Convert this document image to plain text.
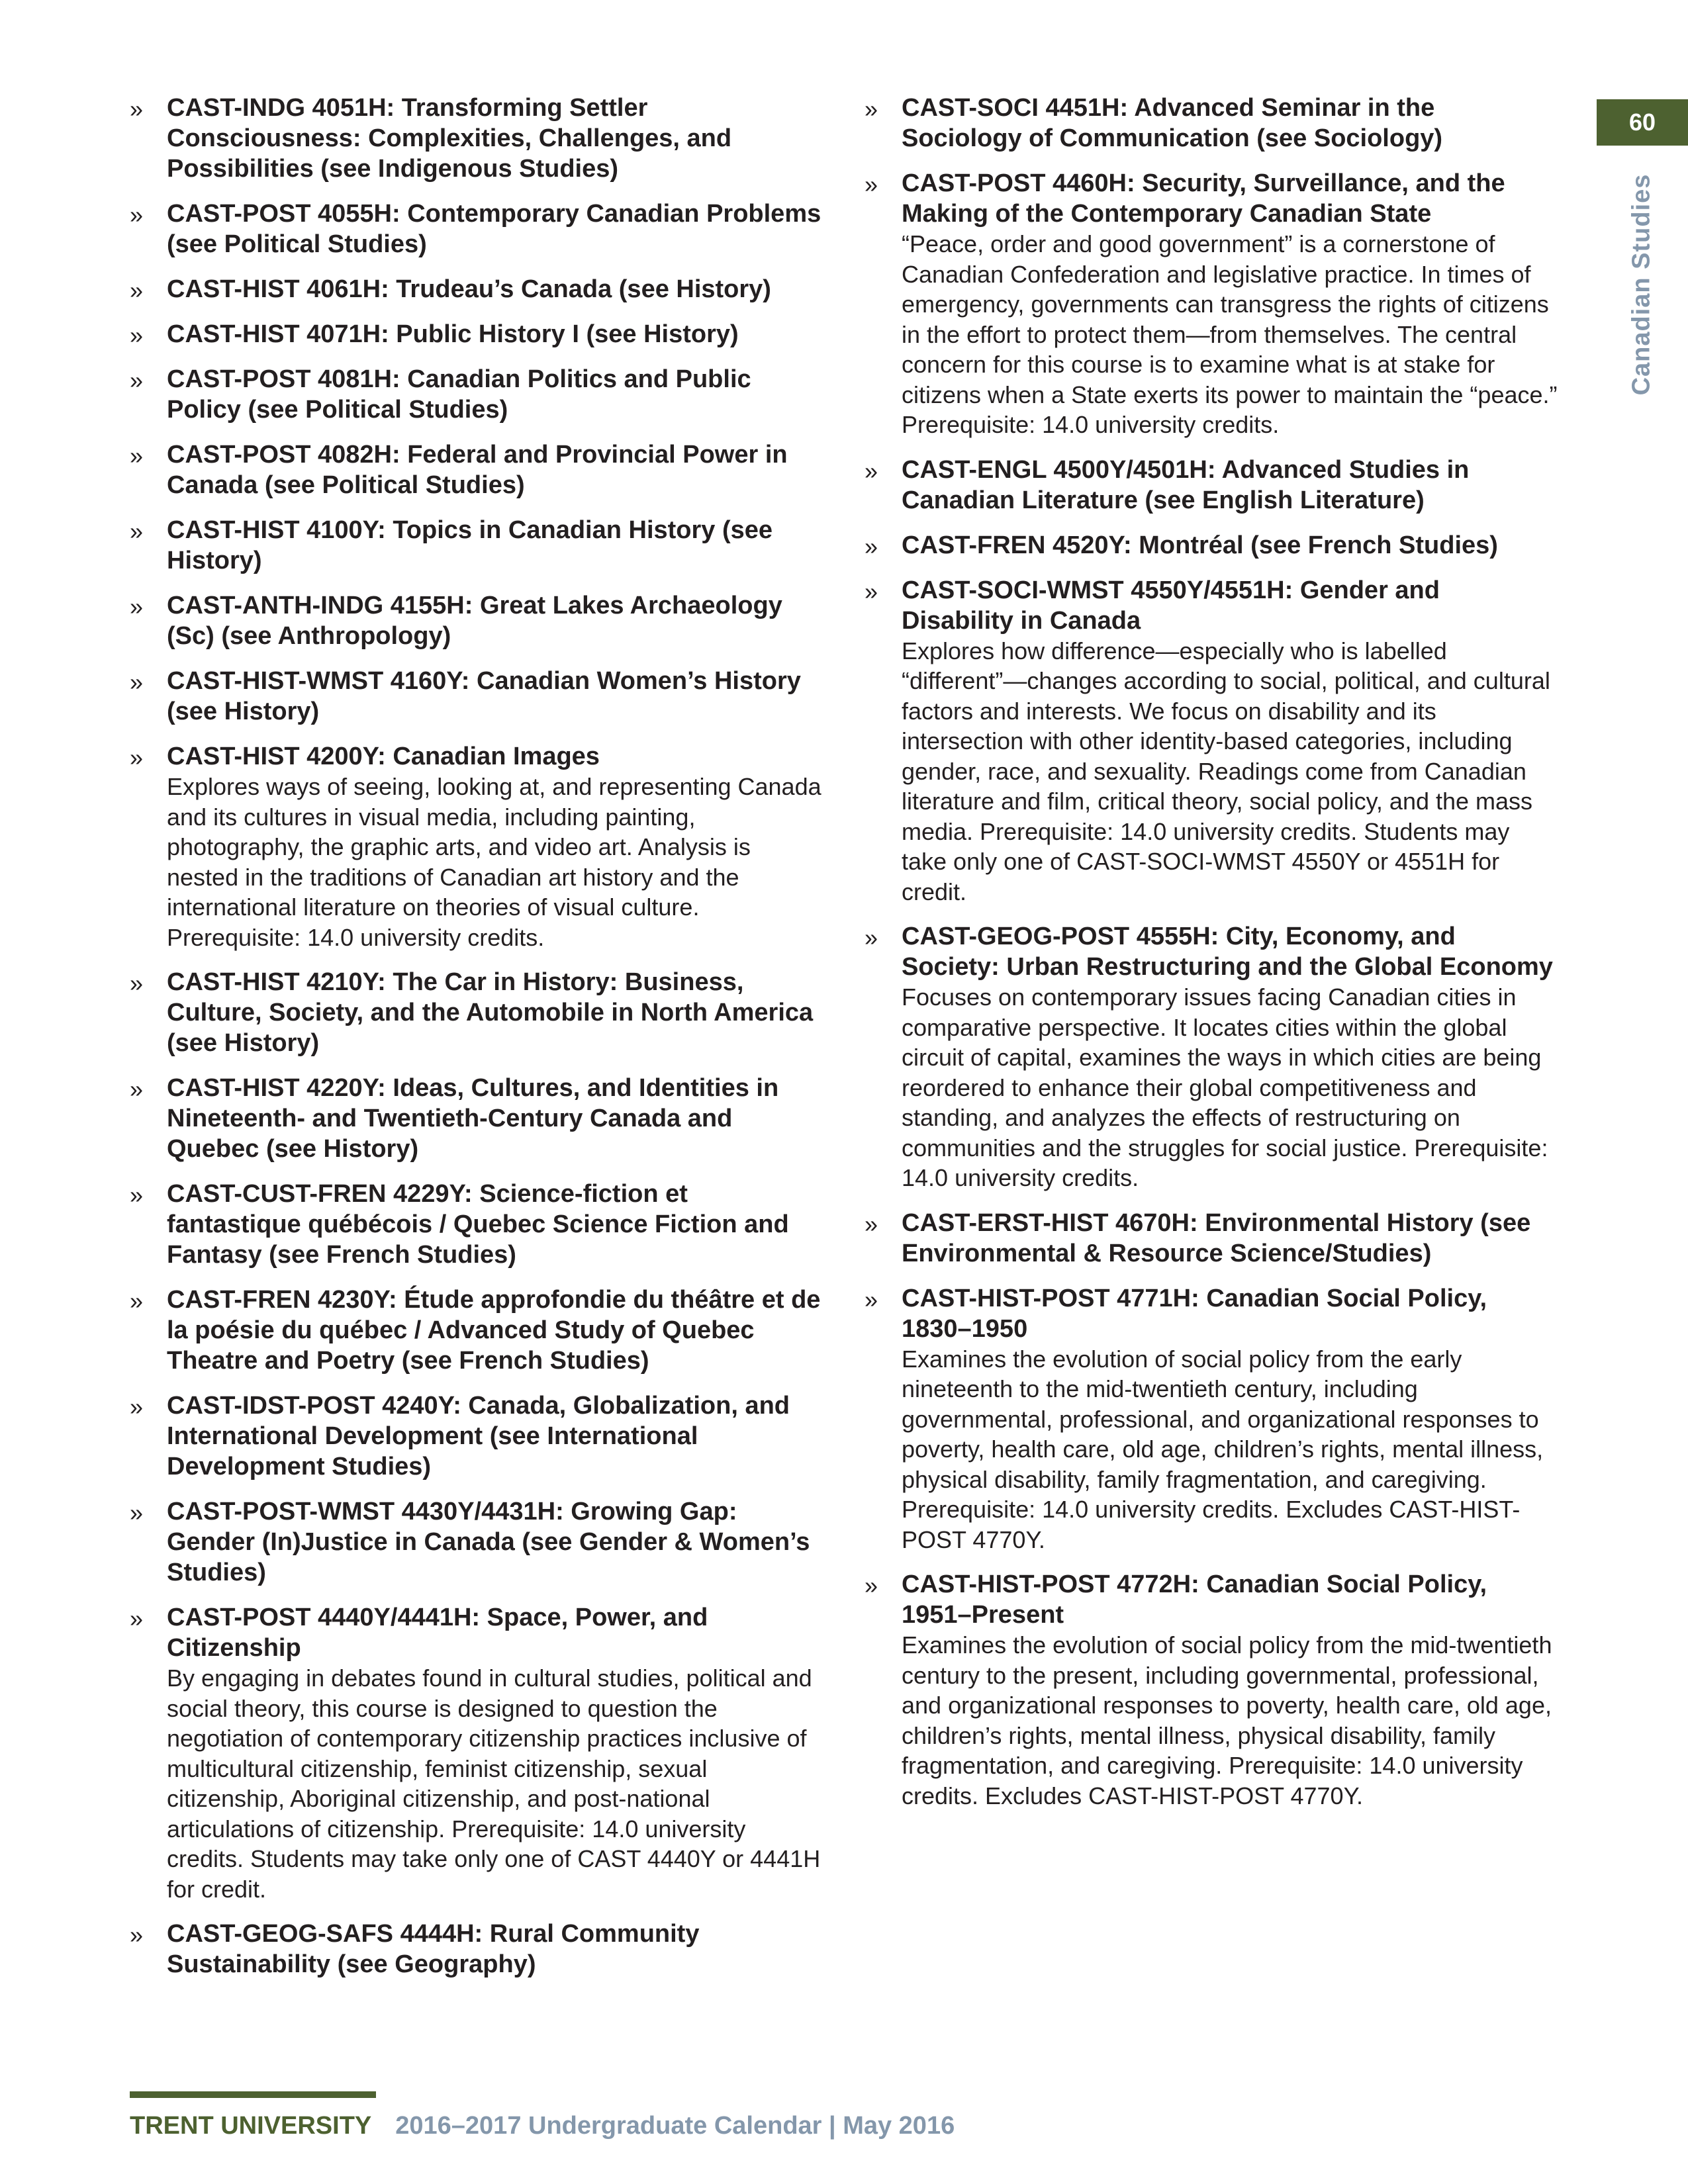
» CAST-INDG 4051H: Transforming Settler Consciousness: Complexities, Challenges, and Possibilities (see Indigenous Studies)
» CAST-POST 4055H: Contemporary Canadian Problems (see Political Studies)
» CAST-HIST 4061H: Trudeau’s Canada (see History)
» CAST-HIST 4071H: Public History I (see History)
» CAST-POST 4081H: Canadian Politics and Public Policy (see Political Studies)
» CAST-POST 4082H: Federal and Provincial Power in Canada (see Political Studies)
» CAST-HIST 4100Y: Topics in Canadian History (see History)
» CAST-ANTH-INDG 4155H: Great Lakes Archaeology (Sc) (see Anthropology)
» CAST-HIST-WMST 4160Y: Canadian Women’s History (see History)
» CAST-HIST 4200Y: Canadian Images
Explores ways of seeing, looking at, and representing Canada and its cultures in visual media, including painting, photography, the graphic arts, and video art. Analysis is nested in the traditions of Canadian art history and the international literature on theories of visual culture. Prerequisite: 14.0 university credits.
» CAST-HIST 4210Y: The Car in History: Business, Culture, Society, and the Automobile in North America (see History)
» CAST-HIST 4220Y: Ideas, Cultures, and Identities in Nineteenth- and Twentieth-Century Canada and Quebec (see History)
» CAST-CUST-FREN 4229Y: Science-fiction et fantastique québécois / Quebec Science Fiction and Fantasy (see French Studies)
» CAST-FREN 4230Y: Étude approfondie du théâtre et de la poésie du québec / Advanced Study of Quebec Theatre and Poetry (see French Studies)
» CAST-IDST-POST 4240Y: Canada, Globalization, and International Development (see International Development Studies)
» CAST-POST-WMST 4430Y/4431H: Growing Gap: Gender (In)Justice in Canada (see Gender & Women’s Studies)
» CAST-POST 4440Y/4441H: Space, Power, and Citizenship
By engaging in debates found in cultural studies, political and social theory, this course is designed to question the negotiation of contemporary citizenship practices inclusive of multicultural citizenship, feminist citizenship, sexual citizenship, Aboriginal citizenship, and post-national articulations of citizenship. Prerequisite: 14.0 university credits. Students may take only one of CAST 4440Y or 4441H for credit.
» CAST-GEOG-SAFS 4444H: Rural Community Sustainability (see Geography)
» CAST-SOCI 4451H: Advanced Seminar in the Sociology of Communication (see Sociology)
» CAST-POST 4460H: Security, Surveillance, and the Making of the Contemporary Canadian State
“Peace, order and good government” is a cornerstone of Canadian Confederation and legislative practice. In times of emergency, governments can transgress the rights of citizens in the effort to protect them—from themselves. The central concern for this course is to examine what is at stake for citizens when a State exerts its power to maintain the “peace.” Prerequisite: 14.0 university credits.
» CAST-ENGL 4500Y/4501H: Advanced Studies in Canadian Literature (see English Literature)
» CAST-FREN 4520Y: Montréal (see French Studies)
» CAST-SOCI-WMST 4550Y/4551H: Gender and Disability in Canada
Explores how difference—especially who is labelled “different”—changes according to social, political, and cultural factors and interests. We focus on disability and its intersection with other identity-based categories, including gender, race, and sexuality. Readings come from Canadian literature and film, critical theory, social policy, and the mass media. Prerequisite: 14.0 university credits. Students may take only one of CAST-SOCI-WMST 4550Y or 4551H for credit.
» CAST-GEOG-POST 4555H: City, Economy, and Society: Urban Restructuring and the Global Economy
Focuses on contemporary issues facing Canadian cities in comparative perspective. It locates cities within the global circuit of capital, examines the ways in which cities are being reordered to enhance their global competitiveness and standing, and analyzes the effects of restructuring on communities and the struggles for social justice. Prerequisite: 14.0 university credits.
» CAST-ERST-HIST 4670H: Environmental History (see Environmental & Resource Science/Studies)
» CAST-HIST-POST 4771H: Canadian Social Policy, 1830–1950
Examines the evolution of social policy from the early nineteenth to the mid-twentieth century, including governmental, professional, and organizational responses to poverty, health care, old age, children’s rights, mental illness, physical disability, family fragmentation, and caregiving. Prerequisite: 14.0 university credits. Excludes CAST-HIST-POST 4770Y.
» CAST-HIST-POST 4772H: Canadian Social Policy, 1951–Present
Examines the evolution of social policy from the mid-twentieth century to the present, including governmental, professional, and organizational responses to poverty, health care, old age, children’s rights, mental illness, physical disability, family fragmentation, and caregiving. Prerequisite: 14.0 university credits. Excludes CAST-HIST-POST 4770Y.
60
Canadian Studies
TRENT UNIVERSITY 2016–2017 Undergraduate Calendar | May 2016
